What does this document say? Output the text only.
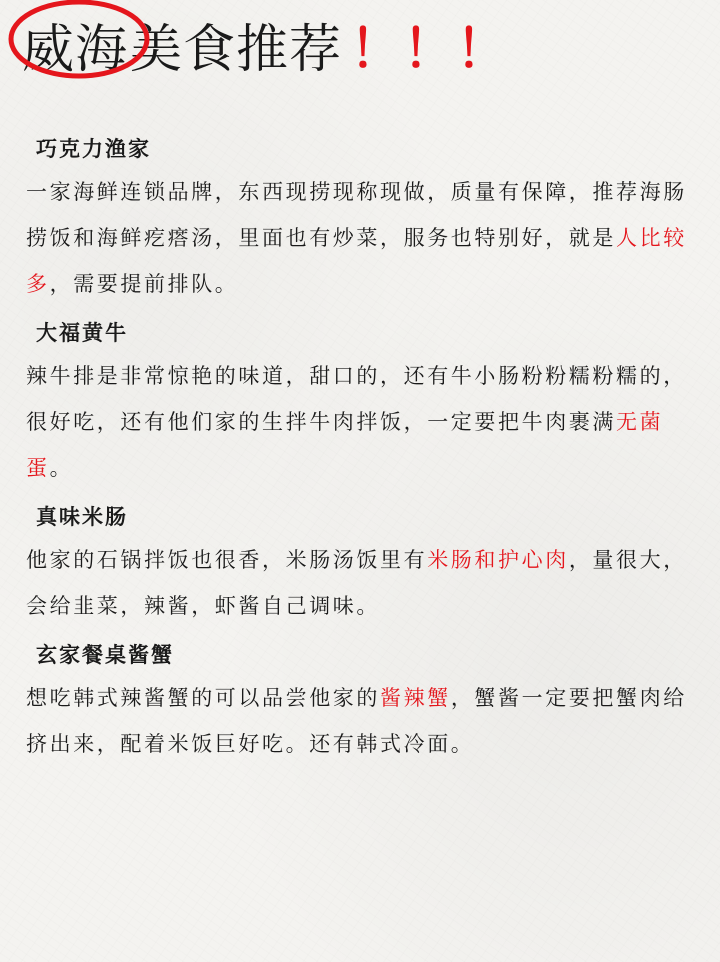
威海 美食推荐 ！！！

巧克力渔家

一家海鲜连锁品牌，东西现捞现称现做，质量有保障，推荐海肠捞饭和海鲜疙瘩汤，里面也有炒菜，服务也特别好，就是人比较多，需要提前排队。

大福黄牛

辣牛排是非常惊艳的味道，甜口的，还有牛小肠粉粉糯粉糯的，很好吃，还有他们家的生拌牛肉拌饭，一定要把牛肉裹满无菌蛋。

真味米肠

他家的石锅拌饭也很香，米肠汤饭里有米肠和护心肉，量很大，会给韭菜，辣酱，虾酱自己调味。

玄家餐桌酱蟹

想吃韩式辣酱蟹的可以品尝他家的酱辣蟹，蟹酱一定要把蟹肉给挤出来，配着米饭巨好吃。还有韩式冷面。
